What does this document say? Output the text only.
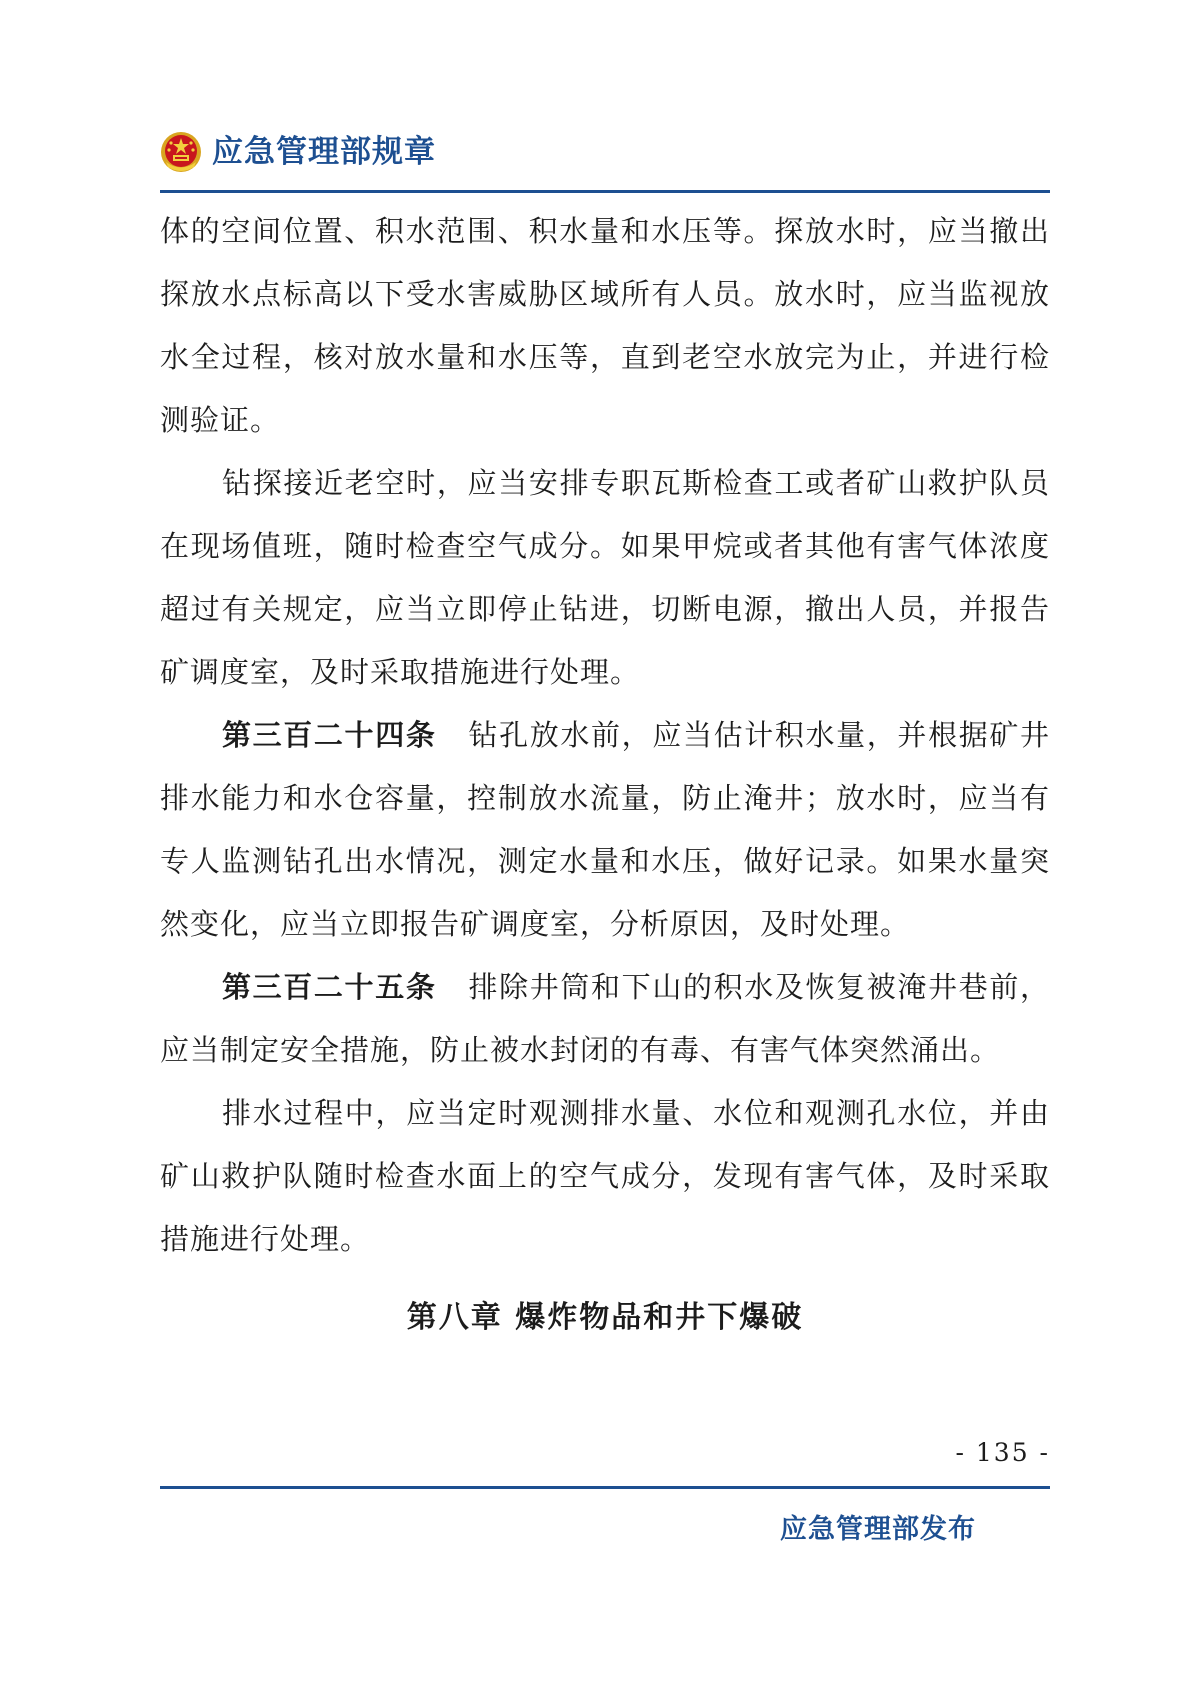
应急管理部规章

体的空间位置、积水范围、积水量和水压等。探放水时，应当撤出探放水点标高以下受水害威胁区域所有人员。放水时，应当监视放水全过程，核对放水量和水压等，直到老空水放完为止，并进行检测验证。

钻探接近老空时，应当安排专职瓦斯检查工或者矿山救护队员在现场值班，随时检查空气成分。如果甲烷或者其他有害气体浓度超过有关规定，应当立即停止钻进，切断电源，撤出人员，并报告矿调度室，及时采取措施进行处理。

第三百二十四条 钻孔放水前，应当估计积水量，并根据矿井排水能力和水仓容量，控制放水流量，防止淹井；放水时，应当有专人监测钻孔出水情况，测定水量和水压，做好记录。如果水量突然变化，应当立即报告矿调度室，分析原因，及时处理。

第三百二十五条 排除井筒和下山的积水及恢复被淹井巷前，应当制定安全措施，防止被水封闭的有毒、有害气体突然涌出。

排水过程中，应当定时观测排水量、水位和观测孔水位，并由矿山救护队随时检查水面上的空气成分，发现有害气体，及时采取措施进行处理。

第八章 爆炸物品和井下爆破
- 135 -
应急管理部发布
